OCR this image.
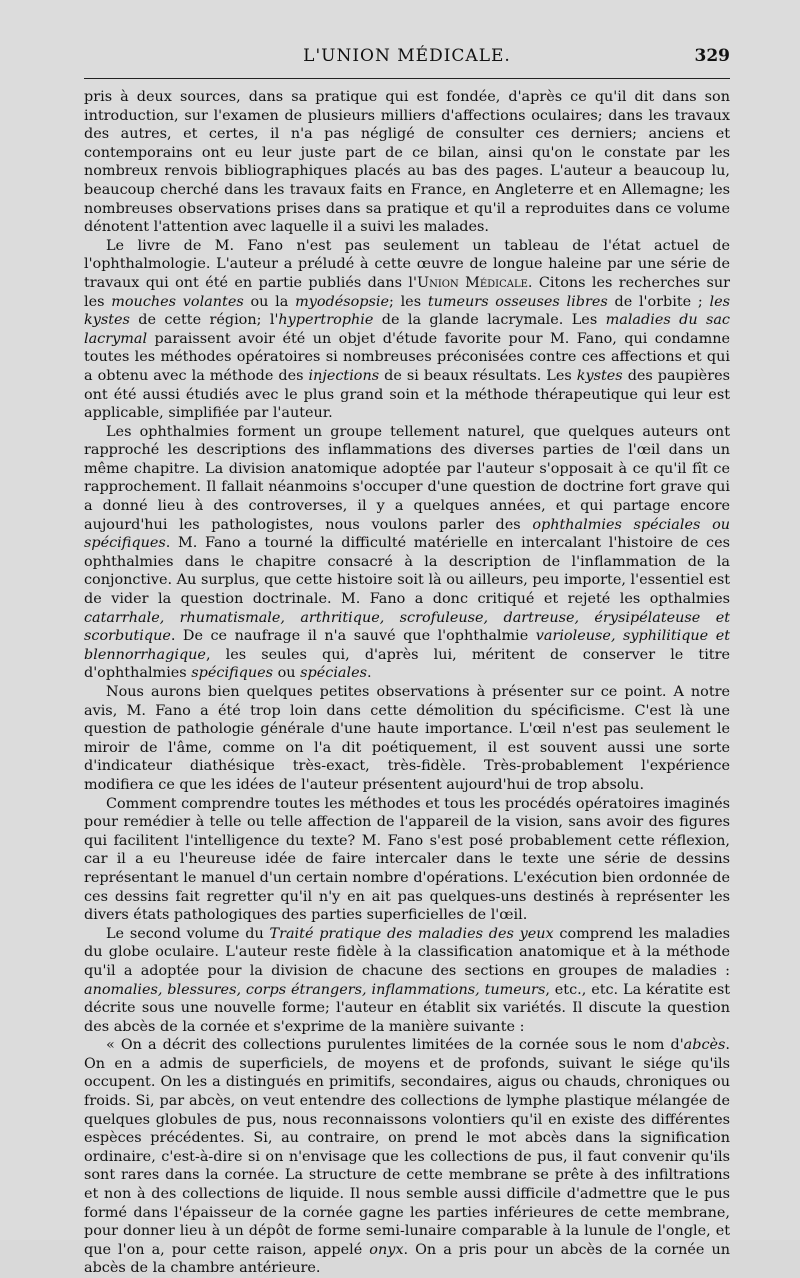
L'UNION MÉDICALE.	329

pris à deux sources, dans sa pratique qui est fondée, d'après ce qu'il dit dans son introduction, sur l'examen de plusieurs milliers d'affections oculaires; dans les travaux des autres, et certes, il n'a pas négligé de consulter ces derniers; anciens et contemporains ont eu leur juste part de ce bilan, ainsi qu'on le constate par les nombreux renvois bibliographiques placés au bas des pages. L'auteur a beaucoup lu, beaucoup cherché dans les travaux faits en France, en Angleterre et en Allemagne; les nombreuses observations prises dans sa pratique et qu'il a reproduites dans ce volume dénotent l'attention avec laquelle il a suivi les malades.

Le livre de M. Fano n'est pas seulement un tableau de l'état actuel de l'ophthalmologie. L'auteur a préludé à cette œuvre de longue haleine par une série de travaux qui ont été en partie publiés dans l'Union Médicale. Citons les recherches sur les mouches volantes ou la myodésopsie; les tumeurs osseuses libres de l'orbite ; les kystes de cette région; l'hypertrophie de la glande lacrymale. Les maladies du sac lacrymal paraissent avoir été un objet d'étude favorite pour M. Fano, qui condamne toutes les méthodes opératoires si nombreuses préconisées contre ces affections et qui a obtenu avec la méthode des injections de si beaux résultats. Les kystes des paupières ont été aussi étudiés avec le plus grand soin et la méthode thérapeutique qui leur est applicable, simplifiée par l'auteur.

Les ophthalmies forment un groupe tellement naturel, que quelques auteurs ont rapproché les descriptions des inflammations des diverses parties de l'œil dans un même chapitre. La division anatomique adoptée par l'auteur s'opposait à ce qu'il fît ce rapprochement. Il fallait néanmoins s'occuper d'une question de doctrine fort grave qui a donné lieu à des controverses, il y a quelques années, et qui partage encore aujourd'hui les pathologistes, nous voulons parler des ophthalmies spéciales ou spécifiques. M. Fano a tourné la difficulté matérielle en intercalant l'histoire de ces ophthalmies dans le chapitre consacré à la description de l'inflammation de la conjonctive. Au surplus, que cette histoire soit là ou ailleurs, peu importe, l'essentiel est de vider la question doctrinale. M. Fano a donc critiqué et rejeté les opthalmies catarrhale, rhumatismale, arthritique, scrofuleuse, dartreuse, érysipélateuse et scorbutique. De ce naufrage il n'a sauvé que l'ophthalmie varioleuse, syphilitique et blennorrhagique, les seules qui, d'après lui, méritent de conserver le titre d'ophthalmies spécifiques ou spéciales.

Nous aurons bien quelques petites observations à présenter sur ce point. A notre avis, M. Fano a été trop loin dans cette démolition du spécificisme. C'est là une question de pathologie générale d'une haute importance. L'œil n'est pas seulement le miroir de l'âme, comme on l'a dit poétiquement, il est souvent aussi une sorte d'indicateur diathésique très-exact, très-fidèle. Très-probablement l'expérience modifiera ce que les idées de l'auteur présentent aujourd'hui de trop absolu.

Comment comprendre toutes les méthodes et tous les procédés opératoires imaginés pour remédier à telle ou telle affection de l'appareil de la vision, sans avoir des figures qui facilitent l'intelligence du texte? M. Fano s'est posé probablement cette réflexion, car il a eu l'heureuse idée de faire intercaler dans le texte une série de dessins représentant le manuel d'un certain nombre d'opérations. L'exécution bien ordonnée de ces dessins fait regretter qu'il n'y en ait pas quelques-uns destinés à représenter les divers états pathologiques des parties superficielles de l'œil.

Le second volume du Traité pratique des maladies des yeux comprend les maladies du globe oculaire. L'auteur reste fidèle à la classification anatomique et à la méthode qu'il a adoptée pour la division de chacune des sections en groupes de maladies : anomalies, blessures, corps étrangers, inflammations, tumeurs, etc., etc. La kératite est décrite sous une nouvelle forme; l'auteur en établit six variétés. Il discute la question des abcès de la cornée et s'exprime de la manière suivante :

« On a décrit des collections purulentes limitées de la cornée sous le nom d'abcès. On en a admis de superficiels, de moyens et de profonds, suivant le siége qu'ils occupent. On les a distingués en primitifs, secondaires, aigus ou chauds, chroniques ou froids. Si, par abcès, on veut entendre des collections de lymphe plastique mélangée de quelques globules de pus, nous reconnaissons volontiers qu'il en existe des différentes espèces précédentes. Si, au contraire, on prend le mot abcès dans la signification ordinaire, c'est-à-dire si on n'envisage que les collections de pus, il faut convenir qu'ils sont rares dans la cornée. La structure de cette membrane se prête à des infiltrations et non à des collections de liquide. Il nous semble aussi difficile d'admettre que le pus formé dans l'épaisseur de la cornée gagne les parties inférieures de cette membrane, pour donner lieu à un dépôt de forme semi-lunaire comparable à la lunule de l'ongle, et que l'on a, pour cette raison, appelé onyx. On a pris pour un abcès de la cornée un abcès de la chambre antérieure.
